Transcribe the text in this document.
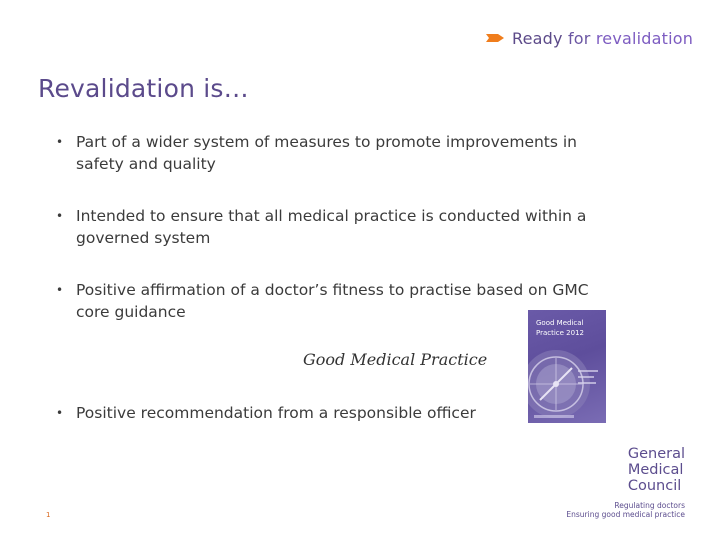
Ready for revalidation
Revalidation is…
• Part of a wider system of measures to promote improvements in safety and quality
• Intended to ensure that all medical practice is conducted within a governed system
• Positive affirmation of a doctor’s fitness to practise based on GMC core guidance
Good Medical Practice
• Positive recommendation from a responsible officer
Good Medical
Practice 2012
General
Medical
Council
Regulating doctors
Ensuring good medical practice
1
